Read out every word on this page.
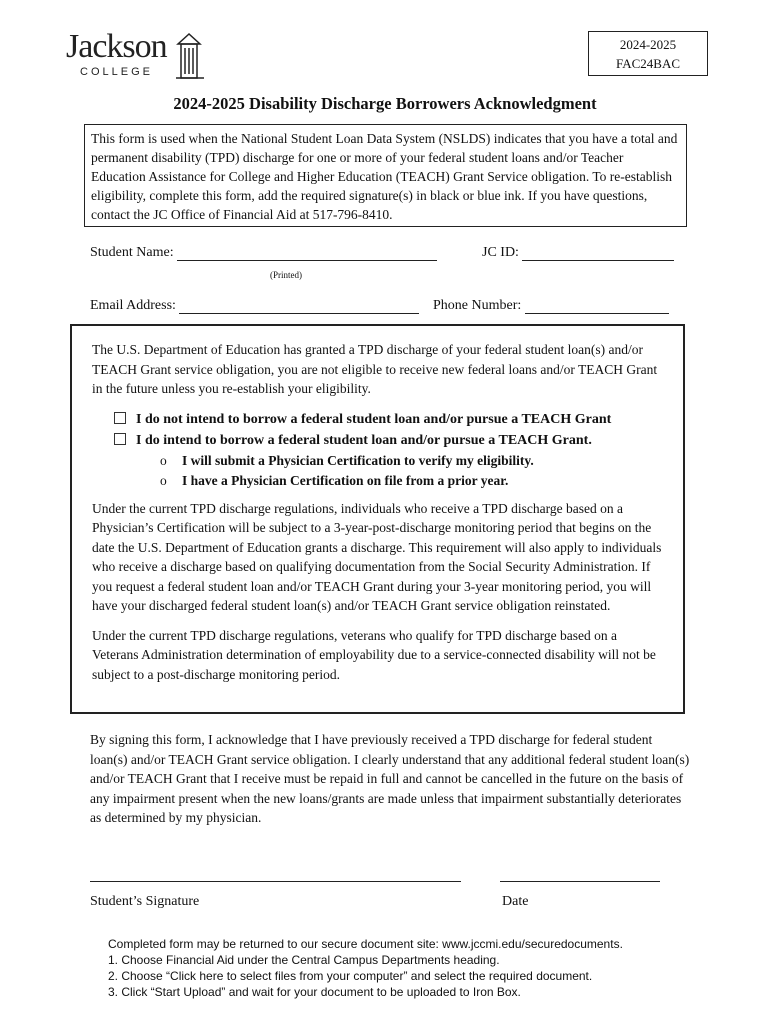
Jackson
COLLEGE
2024-2025
FAC24BAC
2024-2025 Disability Discharge Borrowers Acknowledgment
This form is used when the National Student Loan Data System (NSLDS) indicates that you have a total and permanent disability (TPD) discharge for one or more of your federal student loans and/or Teacher Education Assistance for College and Higher Education (TEACH) Grant Service obligation. To re-establish eligibility, complete this form, add the required signature(s) in black or blue ink. If you have questions, contact the JC Office of Financial Aid at 517-796-8410.
Student Name:
(Printed)
JC ID:
Email Address:	Phone Number:

The U.S. Department of Education has granted a TPD discharge of your federal student loan(s) and/or TEACH Grant service obligation, you are not eligible to receive new federal loans and/or TEACH Grant in the future unless you re-establish your eligibility.

I do not intend to borrow a federal student loan and/or pursue a TEACH Grant
I do intend to borrow a federal student loan and/or pursue a TEACH Grant.
o I will submit a Physician Certification to verify my eligibility.
o I have a Physician Certification on file from a prior year.

Under the current TPD discharge regulations, individuals who receive a TPD discharge based on a Physician’s Certification will be subject to a 3-year-post-discharge monitoring period that begins on the date the U.S. Department of Education grants a discharge. This requirement will also apply to individuals who receive a discharge based on qualifying documentation from the Social Security Administration. If you request a federal student loan and/or TEACH Grant during your 3-year monitoring period, you will have your discharged federal student loan(s) and/or TEACH Grant service obligation reinstated.

Under the current TPD discharge regulations, veterans who qualify for TPD discharge based on a Veterans Administration determination of employability due to a service-connected disability will not be subject to a post-discharge monitoring period.

By signing this form, I acknowledge that I have previously received a TPD discharge for federal student loan(s) and/or TEACH Grant service obligation. I clearly understand that any additional federal student loan(s) and/or TEACH Grant that I receive must be repaid in full and cannot be cancelled in the future on the basis of any impairment present when the new loans/grants are made unless that impairment substantially deteriorates as determined by my physician.
Student’s Signature	Date
Completed form may be returned to our secure document site: www.jccmi.edu/securedocuments.
1. Choose Financial Aid under the Central Campus Departments heading.
2. Choose “Click here to select files from your computer” and select the required document.
3. Click “Start Upload” and wait for your document to be uploaded to Iron Box.
